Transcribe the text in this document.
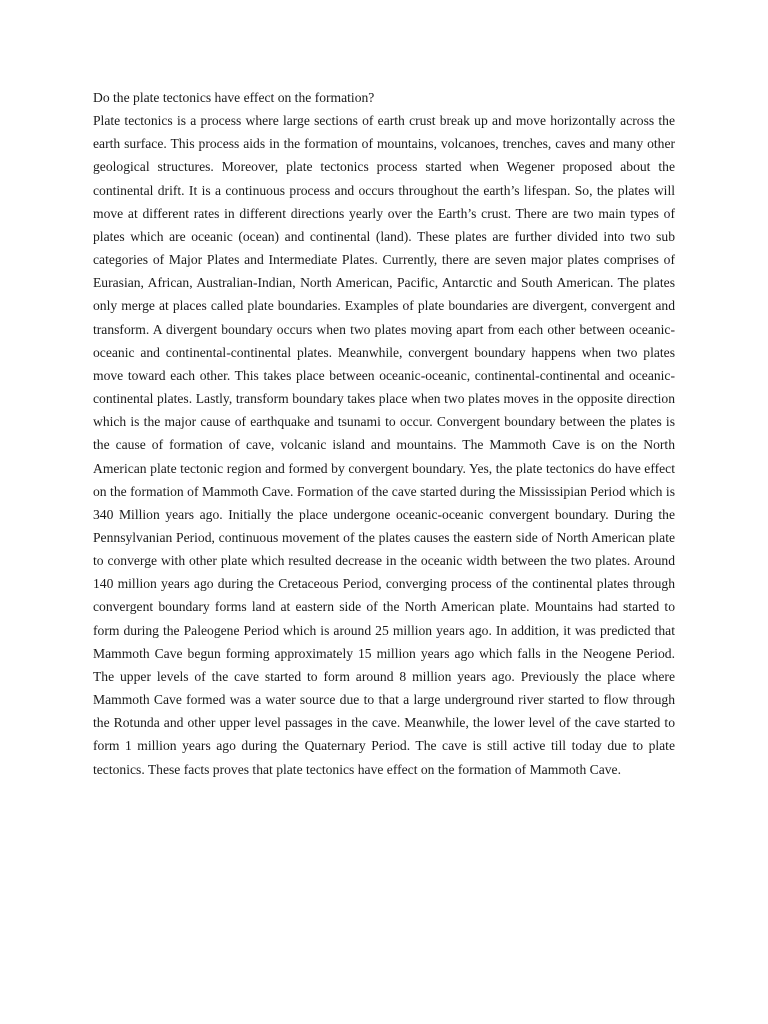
Do the plate tectonics have effect on the formation?

Plate tectonics is a process where large sections of earth crust break up and move horizontally across the earth surface. This process aids in the formation of mountains, volcanoes, trenches, caves and many other geological structures. Moreover, plate tectonics process started when Wegener proposed about the continental drift. It is a continuous process and occurs throughout the earth’s lifespan. So, the plates will move at different rates in different directions yearly over the Earth’s crust. There are two main types of plates which are oceanic (ocean) and continental (land). These plates are further divided into two sub categories of Major Plates and Intermediate Plates. Currently, there are seven major plates comprises of Eurasian, African, Australian-Indian, North American, Pacific, Antarctic and South American. The plates only merge at places called plate boundaries. Examples of plate boundaries are divergent, convergent and transform. A divergent boundary occurs when two plates moving apart from each other between oceanic-oceanic and continental-continental plates. Meanwhile, convergent boundary happens when two plates move toward each other. This takes place between oceanic-oceanic, continental-continental and oceanic-continental plates. Lastly, transform boundary takes place when two plates moves in the opposite direction which is the major cause of earthquake and tsunami to occur. Convergent boundary between the plates is the cause of formation of cave, volcanic island and mountains. The Mammoth Cave is on the North American plate tectonic region and formed by convergent boundary. Yes, the plate tectonics do have effect on the formation of Mammoth Cave. Formation of the cave started during the Mississipian Period which is 340 Million years ago. Initially the place undergone oceanic-oceanic convergent boundary. During the Pennsylvanian Period, continuous movement of the plates causes the eastern side of North American plate to converge with other plate which resulted decrease in the oceanic width between the two plates. Around 140 million years ago during the Cretaceous Period, converging process of the continental plates through convergent boundary forms land at eastern side of the North American plate. Mountains had started to form during the Paleogene Period which is around 25 million years ago. In addition, it was predicted that Mammoth Cave begun forming approximately 15 million years ago which falls in the Neogene Period. The upper levels of the cave started to form around 8 million years ago. Previously the place where Mammoth Cave formed was a water source due to that a large underground river started to flow through the Rotunda and other upper level passages in the cave. Meanwhile, the lower level of the cave started to form 1 million years ago during the Quaternary Period. The cave is still active till today due to plate tectonics. These facts proves that plate tectonics have effect on the formation of Mammoth Cave.
